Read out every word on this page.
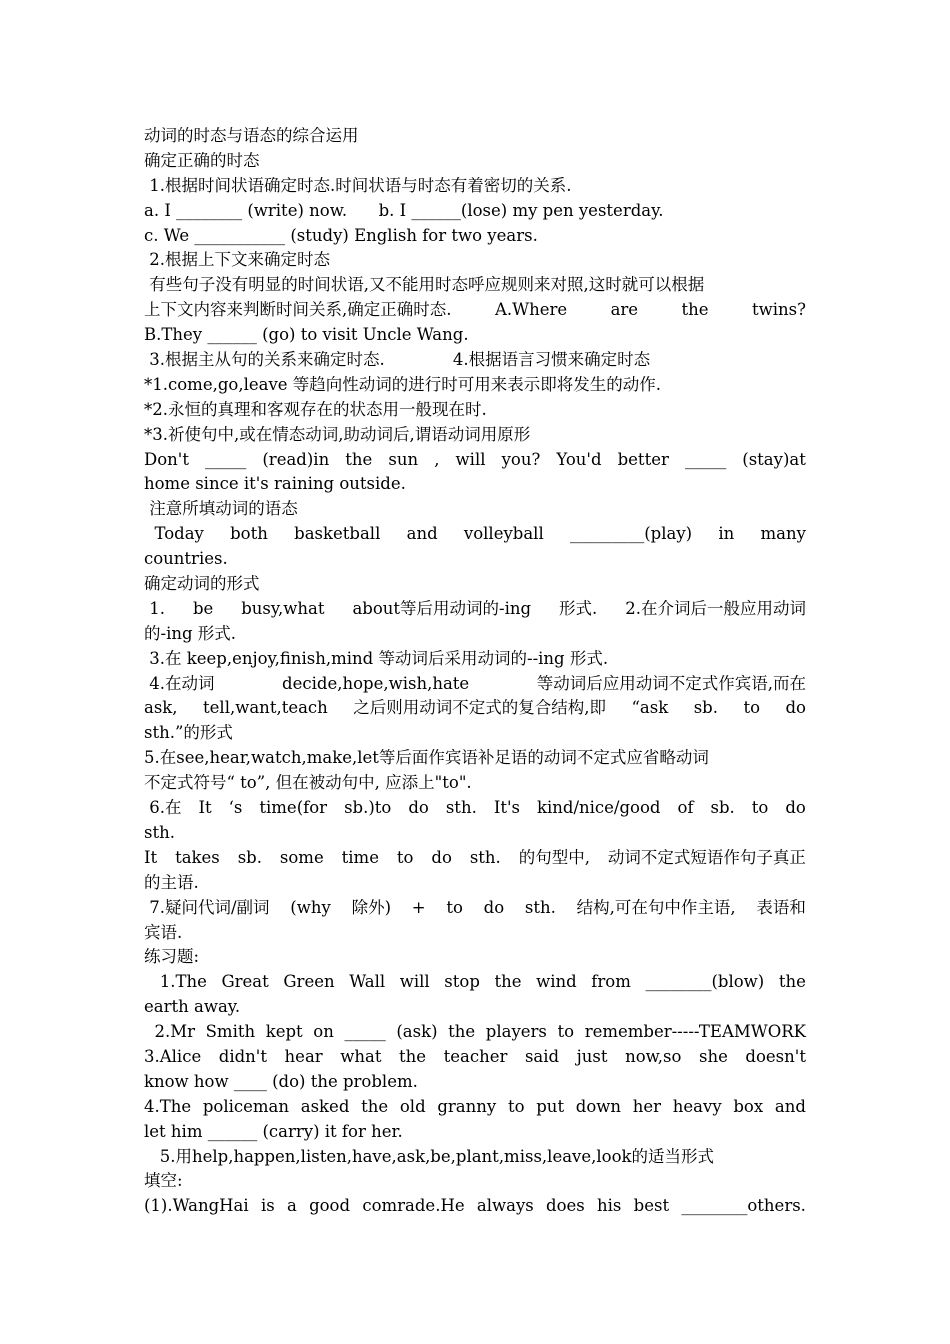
动词的时态与语态的综合运用
确定正确的时态
1.根据时间状语确定时态.时间状语与时态有着密切的关系.
a. I ________ (write) now.      b. I ______(lose) my pen yesterday.
c. We ___________ (study) English for two years.
2.根据上下文来确定时态
有些句子没有明显的时间状语,又不能用时态呼应规则来对照,这时就可以根据
上下文内容来判断时间关系,确定正确时态.	A.Where	are	the	twins?
B.They ______ (go) to visit Uncle Wang.
3.根据主从句的关系来确定时态.             4.根据语言习惯来确定时态
*1.come,go,leave 等趋向性动词的进行时可用来表示即将发生的动作.
*2.永恒的真理和客观存在的状态用一般现在时.
*3.祈使句中,或在情态动词,助动词后,谓语动词用原形
Don't _____ (read)in the sun , will you? You'd better _____ (stay)at
home since it's raining outside.
注意所填动词的语态
Today both basketball and volleyball _________(play) in many
countries.
确定动词的形式
1. be busy,what about等后用动词的-ing 形式. 2.在介词后一般应用动词
的-ing 形式.
3.在 keep,enjoy,finish,mind 等动词后采用动词的--ing 形式.
4.在动词	decide,hope,wish,hate	等动词后应用动词不定式作宾语,而在
ask, tell,want,teach 之后则用动词不定式的复合结构,即 “ask sb. to do
sth.”的形式
5.在see,hear,watch,make,let等后面作宾语补足语的动词不定式应省略动词
不定式符号“ to”, 但在被动句中, 应添上"to".
6.在 It ‘s time(for sb.)to do sth. It's kind/nice/good of sb. to do
sth.
It takes sb. some time to do sth. 的句型中, 动词不定式短语作句子真正
的主语.
7.疑问代词/副词 (why 除外) + to do sth. 结构,可在句中作主语, 表语和
宾语.
练习题:
1.The Great Green Wall will stop the wind from ________(blow) the
earth away.
2.Mr Smith kept on _____ (ask) the players to remember-----TEAMWORK
3.Alice didn't hear what the teacher said just now,so she doesn't
know how ____ (do) the problem.
4.The policeman asked the old granny to put down her heavy box and
let him ______ (carry) it for her.
5.用help,happen,listen,have,ask,be,plant,miss,leave,look的适当形式
填空:
(1).WangHai is a good comrade.He always does his best ________others.
